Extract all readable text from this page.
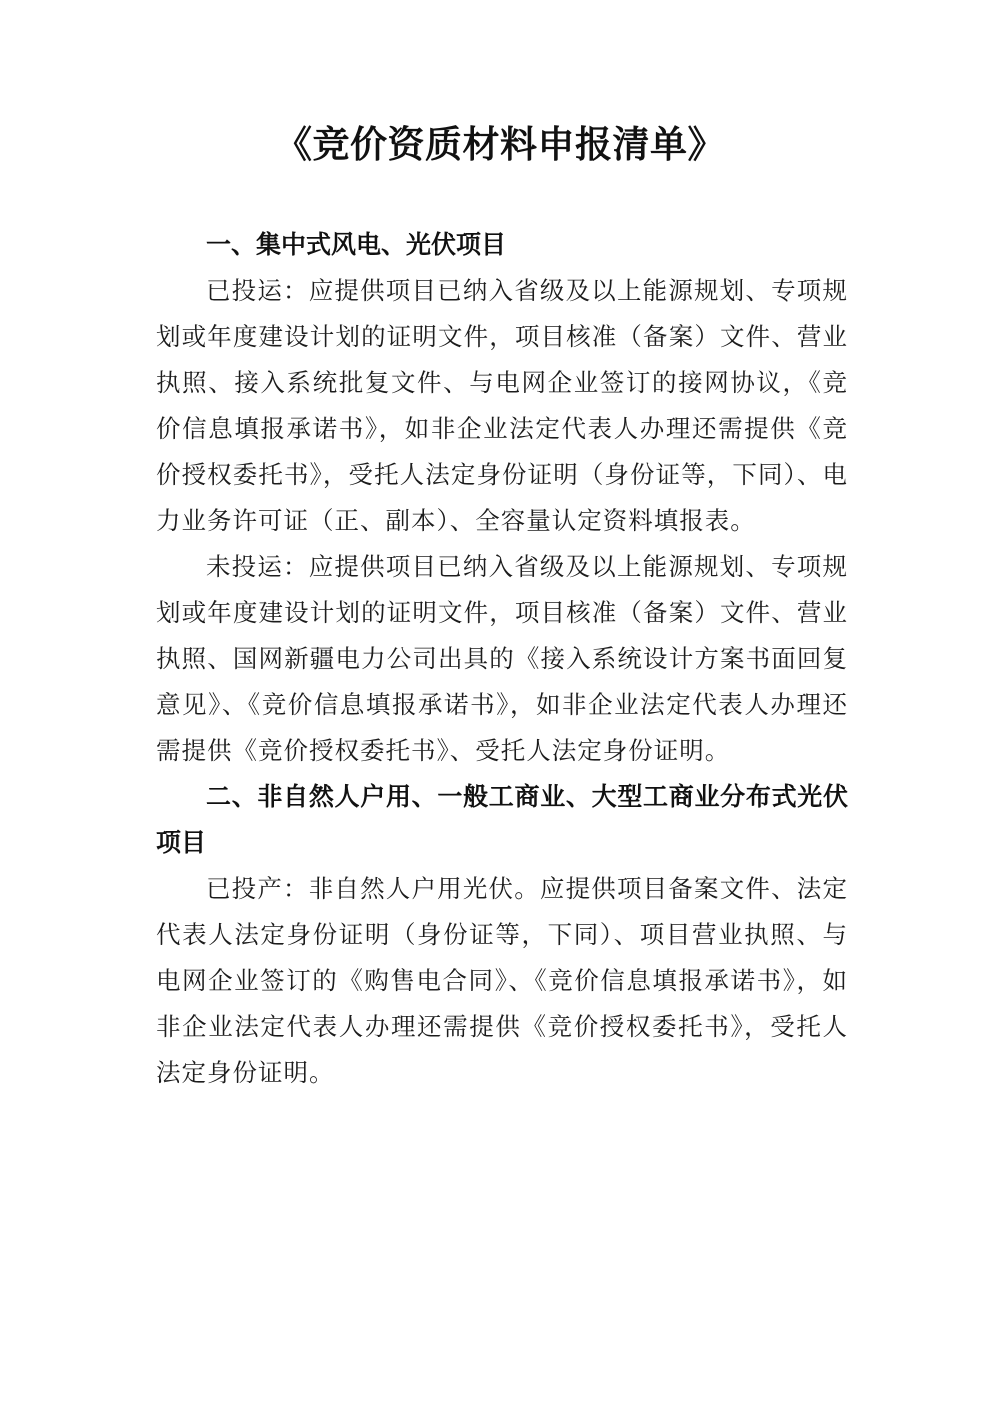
《竞价资质材料申报清单》

一、集中式风电、光伏项目

已投运：应提供项目已纳入省级及以上能源规划、专项规划或年度建设计划的证明文件，项目核准（备案）文件、营业执照、接入系统批复文件、与电网企业签订的接网协议，《竞价信息填报承诺书》，如非企业法定代表人办理还需提供《竞价授权委托书》，受托人法定身份证明（身份证等，下同）、电力业务许可证（正、副本）、全容量认定资料填报表。

未投运：应提供项目已纳入省级及以上能源规划、专项规划或年度建设计划的证明文件，项目核准（备案）文件、营业执照、国网新疆电力公司出具的《接入系统设计方案书面回复意见》、《竞价信息填报承诺书》，如非企业法定代表人办理还需提供《竞价授权委托书》、受托人法定身份证明。

二、非自然人户用、一般工商业、大型工商业分布式光伏项目

已投产：非自然人户用光伏。应提供项目备案文件、法定代表人法定身份证明（身份证等，下同）、项目营业执照、与电网企业签订的《购售电合同》、《竞价信息填报承诺书》，如非企业法定代表人办理还需提供《竞价授权委托书》，受托人法定身份证明。
